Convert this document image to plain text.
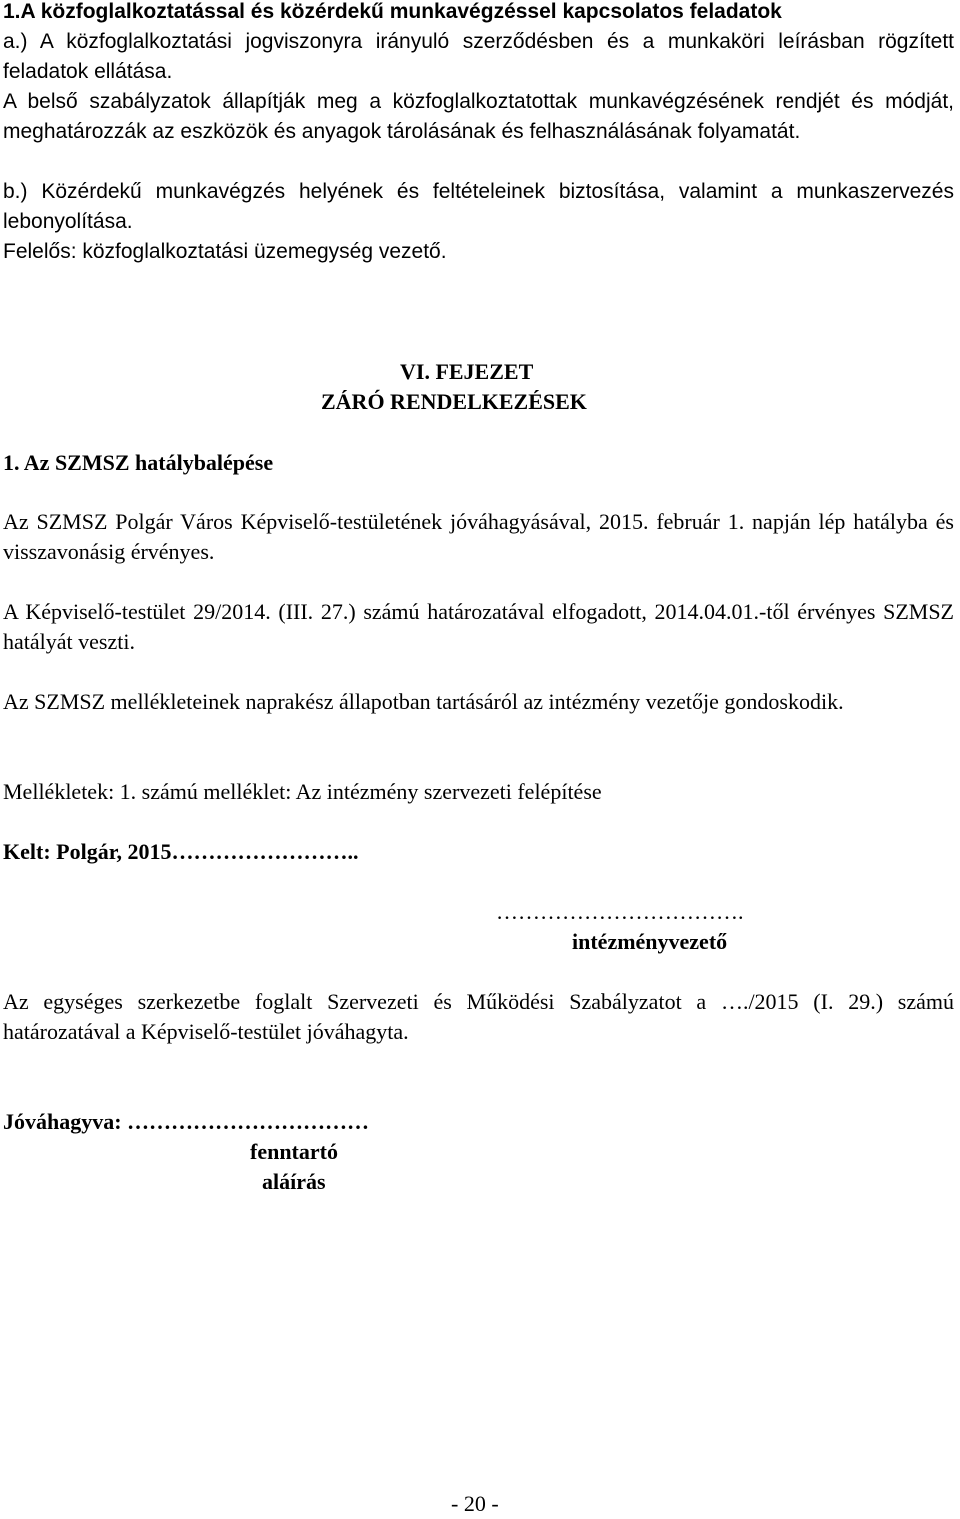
1.A közfoglalkoztatással és közérdekű munkavégzéssel kapcsolatos feladatok

a.) A közfoglalkoztatási jogviszonyra irányuló szerződésben és a munkaköri leírásban rögzített feladatok ellátása.

A belső szabályzatok állapítják meg a közfoglalkoztatottak munkavégzésének rendjét és módját, meghatározzák az eszközök és anyagok tárolásának és felhasználásának folyamatát.

b.) Közérdekű munkavégzés helyének és feltételeinek biztosítása, valamint a munkaszervezés lebonyolítása.

Felelős: közfoglalkoztatási üzemegység vezető.

VI. FEJEZET

ZÁRÓ RENDELKEZÉSEK

1. Az SZMSZ hatálybalépése

Az SZMSZ Polgár Város Képviselő-testületének jóváhagyásával, 2015. február 1. napján lép hatályba és visszavonásig érvényes.

A Képviselő-testület 29/2014. (III. 27.) számú határozatával elfogadott, 2014.04.01.-től érvényes SZMSZ hatályát veszti.

Az SZMSZ mellékleteinek naprakész állapotban tartásáról az intézmény vezetője gondoskodik.

Mellékletek: 1. számú melléklet: Az intézmény szervezeti felépítése

Kelt: Polgár, 2015……………………..

…………………………….

intézményvezető

Az egységes szerkezetbe foglalt Szervezeti és Működési Szabályzatot a …./2015 (I. 29.) számú határozatával a Képviselő-testület jóváhagyta.

Jóváhagyva: ……………………………

fenntartó

aláírás

- 20 -
